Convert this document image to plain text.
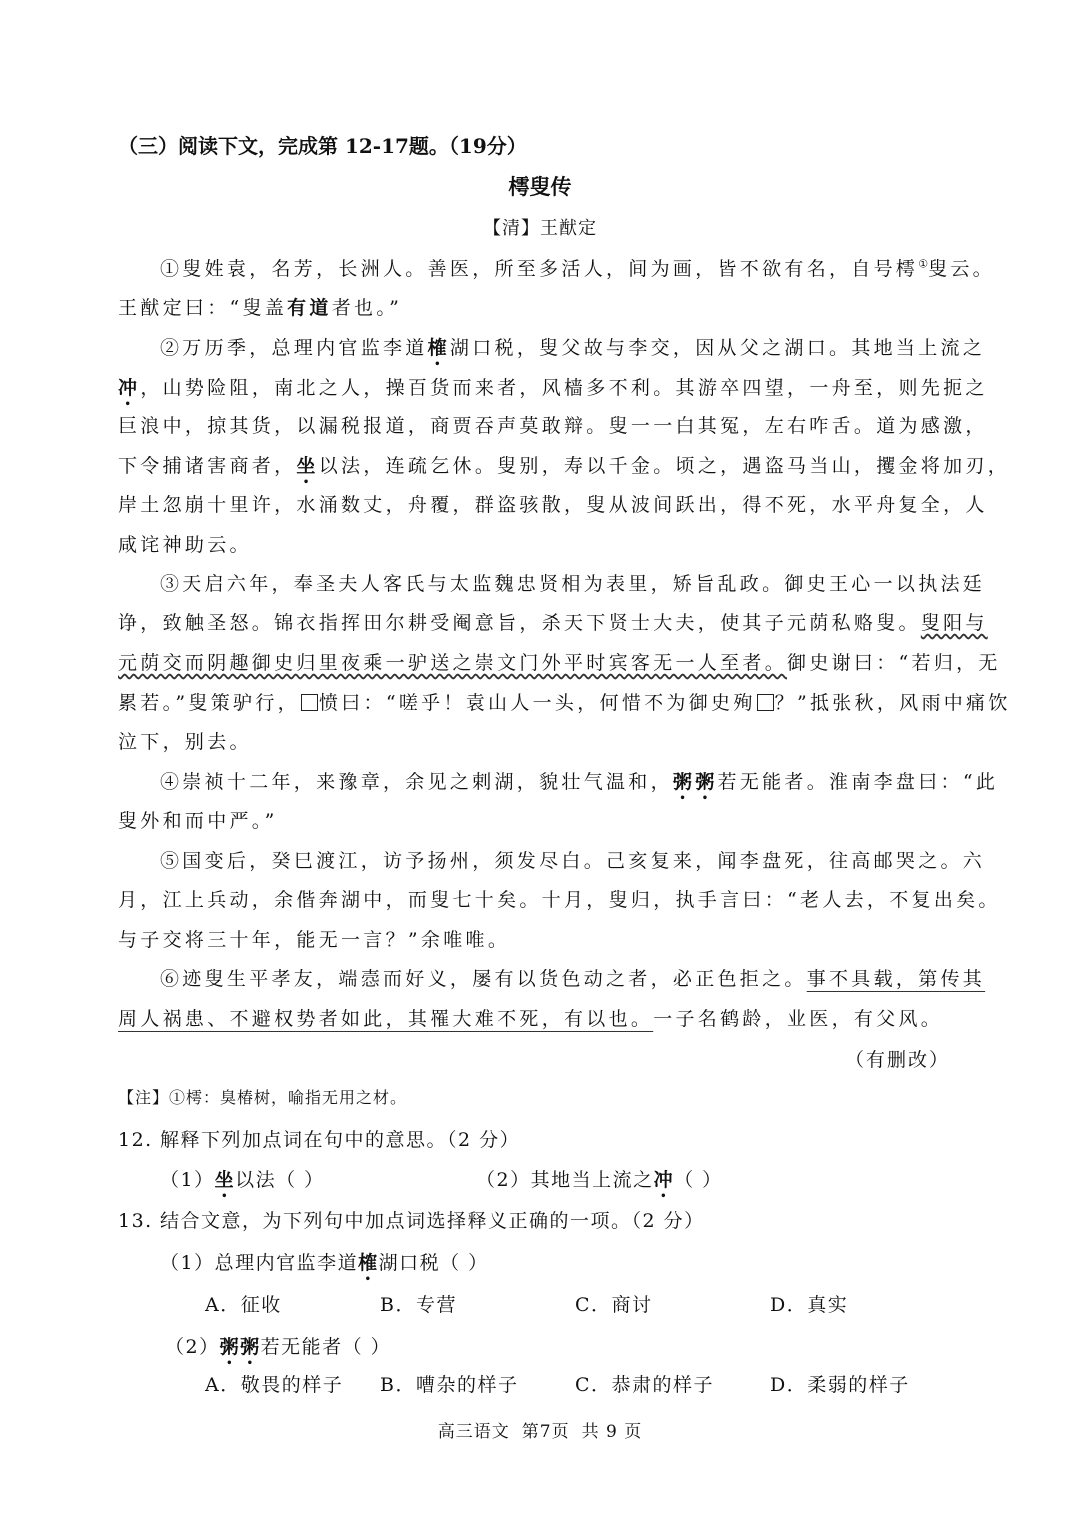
（三）阅读下文，完成第 12-17题。（19分）
樗叟传
【清】王猷定
①叟姓袁，名芳，长洲人。善医，所至多活人，间为画，皆不欲有名，自号樗①叟云。
王猷定曰：“叟盖有道者也。”
②万历季，总理内官监李道榷湖口税，叟父故与李交，因从父之湖口。其地当上流之
冲，山势险阻，南北之人，操百货而来者，风樯多不利。其游卒四望，一舟至，则先扼之
巨浪中，掠其货，以漏税报道，商贾吞声莫敢辩。叟一一白其冤，左右咋舌。道为感激，
下令捕诸害商者，坐以法，连疏乞休。叟别，寿以千金。顷之，遇盗马当山，攫金将加刃，
岸土忽崩十里许，水涌数丈，舟覆，群盗骇散，叟从波间跃出，得不死，水平舟复全，人
咸诧神助云。
③天启六年，奉圣夫人客氏与太监魏忠贤相为表里，矫旨乱政。御史王心一以执法廷
诤，致触圣怒。锦衣指挥田尔耕受阉意旨，杀天下贤士大夫，使其子元荫私赂叟。叟阳与
元荫交而阴趣御史归里夜乘一驴送之崇文门外平时宾客无一人至者。御史谢曰：“若归，无
累若。”叟策驴行， 愤曰：“嗟乎！袁山人一头，何惜不为御史殉 ？”抵张秋，风雨中痛饮
泣下，别去。
④崇祯十二年，来豫章，余见之剌湖，貌壮气温和，粥粥若无能者。淮南李盘曰：“此
叟外和而中严。”
⑤国变后，癸巳渡江，访予扬州，须发尽白。己亥复来，闻李盘死，往高邮哭之。六
月，江上兵动，余偕奔湖中，而叟七十矣。十月，叟归，执手言曰：“老人去，不复出矣。
与子交将三十年，能无一言？”余唯唯。
⑥迹叟生平孝友，端悫而好义，屡有以货色动之者，必正色拒之。事不具载，第传其
周人祸患、不避权势者如此，其罹大难不死，有以也。一子名鹤龄，业医，有父风。
（有删改）
【注】①樗：臭椿树，喻指无用之材。
12. 解释下列加点词在句中的意思。（2 分）
（1）坐以法（ ）	（2）其地当上流之冲（ ）
13. 结合文意，为下列句中加点词选择释义正确的一项。（2 分）
（1）总理内官监李道榷湖口税（ ）
A．征收	B．专营	C．商讨	D．真实
（2）粥粥若无能者（ ）
A．敬畏的样子 B．嘈杂的样子	C．恭肃的样子	D．柔弱的样子
高三语文 第7页 共 9 页
